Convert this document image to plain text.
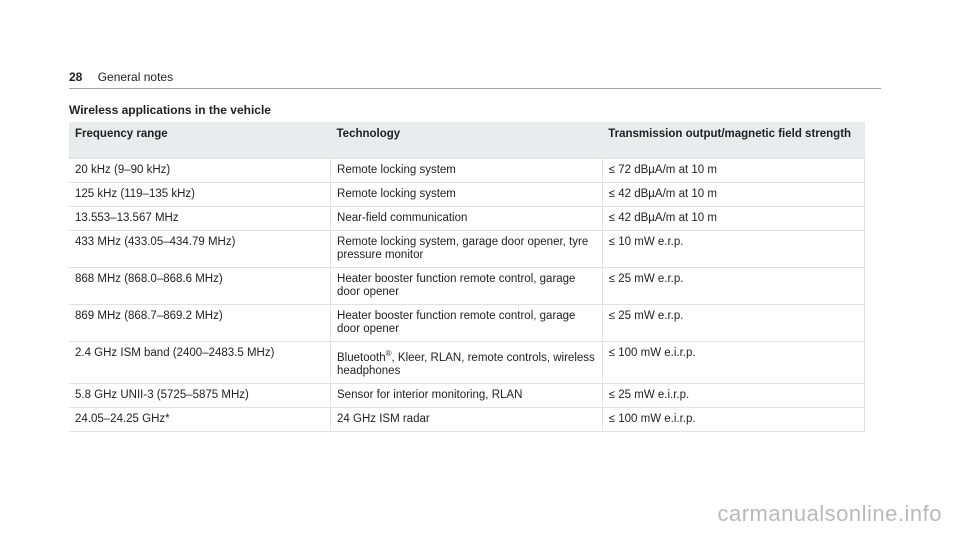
28 General notes
Wireless applications in the vehicle
Frequency range	Technology	Transmission output/magnetic field strength
20 kHz (9–90 kHz)	Remote locking system	≤ 72 dBµA/m at 10 m
125 kHz (119–135 kHz)	Remote locking system	≤ 42 dBµA/m at 10 m
13.553–13.567 MHz	Near-field communication	≤ 42 dBµA/m at 10 m
433 MHz (433.05–434.79 MHz)	Remote locking system, garage door opener, tyre pressure monitor	≤ 10 mW e.r.p.
868 MHz (868.0–868.6 MHz)	Heater booster function remote control, garage door opener	≤ 25 mW e.r.p.
869 MHz (868.7–869.2 MHz)	Heater booster function remote control, garage door opener	≤ 25 mW e.r.p.
2.4 GHz ISM band (2400–2483.5 MHz)	Bluetooth®, Kleer, RLAN, remote controls, wireless headphones	≤ 100 mW e.i.r.p.
5.8 GHz UNII-3 (5725–5875 MHz)	Sensor for interior monitoring, RLAN	≤ 25 mW e.i.r.p.
24.05–24.25 GHz*	24 GHz ISM radar	≤ 100 mW e.i.r.p.
carmanualsonline.info
